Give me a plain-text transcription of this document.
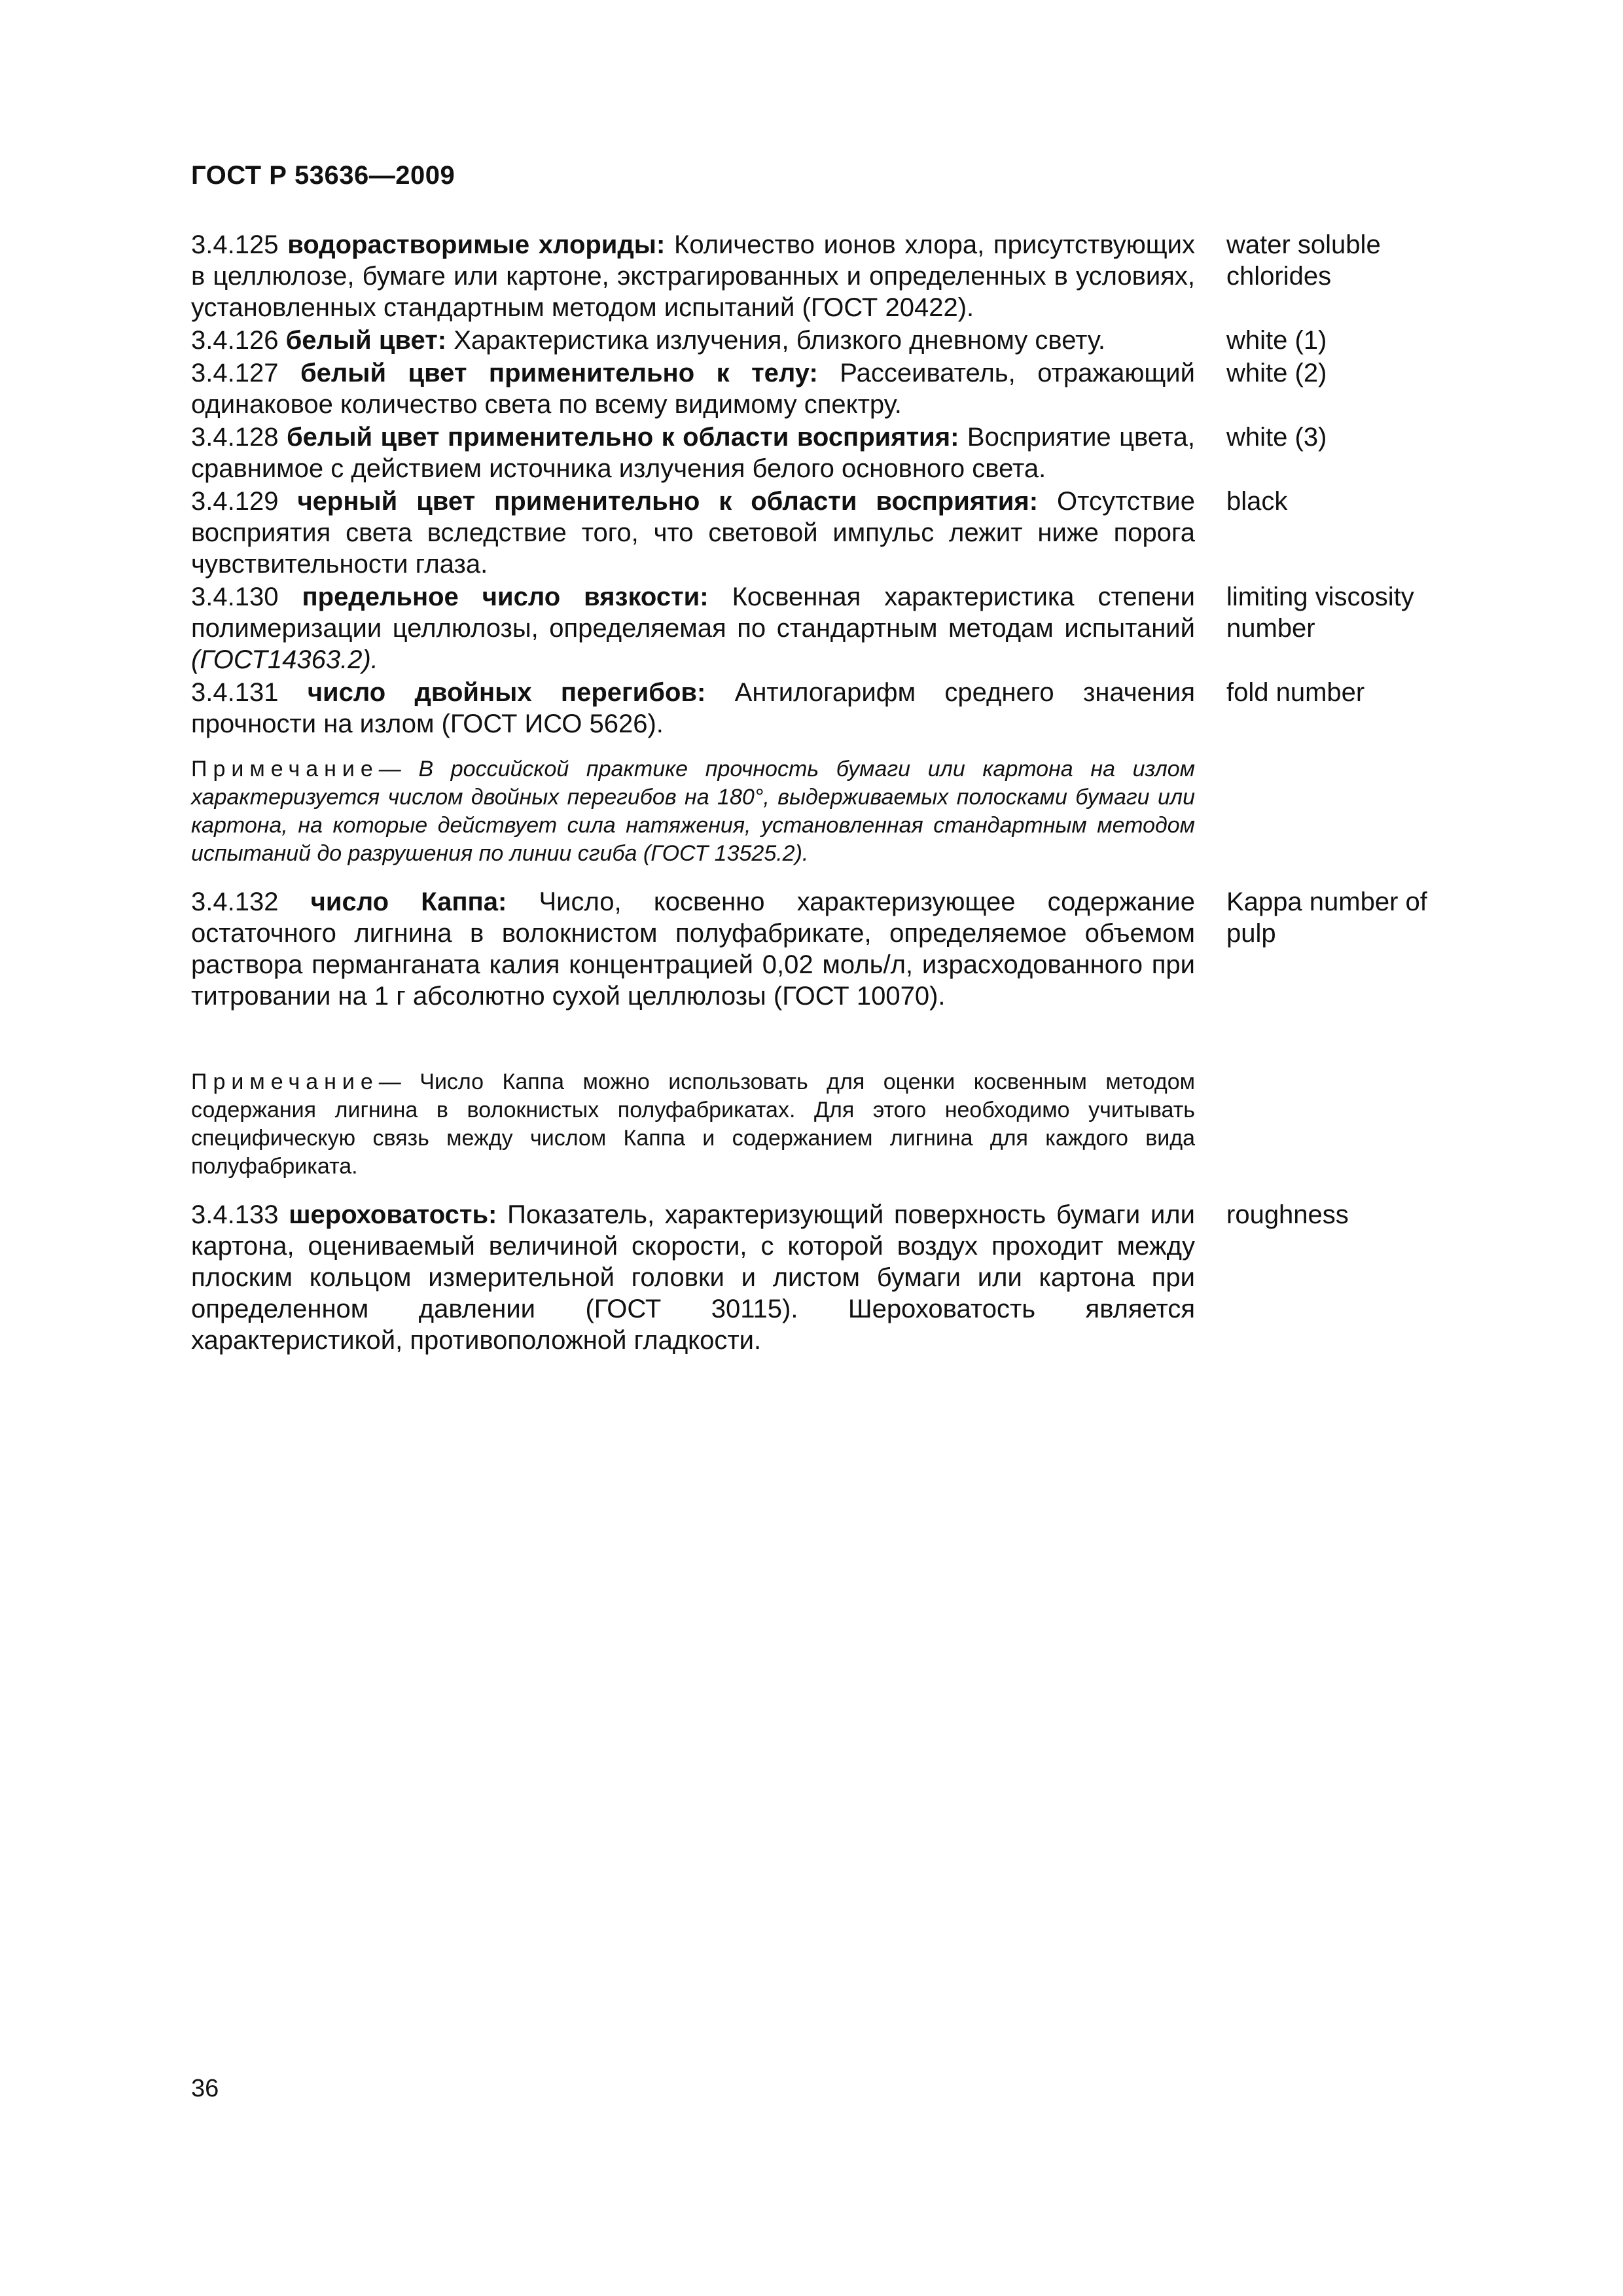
ГОСТ Р 53636—2009

3.4.125 водорастворимые хлориды: Количество ионов хлора, присутствующих в целлюлозе, бумаге или картоне, экстрагированных и определенных в условиях, установленных стандартным методом испытаний (ГОСТ 20422).

water soluble chlorides

3.4.126 белый цвет: Характеристика излучения, близкого дневному свету.	white (1)

3.4.127 белый цвет применительно к телу: Рассеиватель, отражающий одинаковое количество света по всему видимому спектру.

white (2)

3.4.128 белый цвет применительно к области восприятия: Восприятие цвета, сравнимое с действием источника излучения белого основного света.

white (3)

3.4.129 черный цвет применительно к области восприятия: Отсутствие восприятия света вследствие того, что световой импульс лежит ниже порога чувствительности глаза.

black

3.4.130 предельное число вязкости: Косвенная характеристика степени полимеризации целлюлозы, определяемая по стандартным методам испытаний (ГОСТ14363.2).

limiting viscosity number

3.4.131 число двойных перегибов: Антилогарифм среднего значения прочности на излом (ГОСТ ИСО 5626).

fold number
Примечание— В российской практике прочность бумаги или картона на излом характеризуется числом двойных перегибов на 180°, выдерживаемых полосками бумаги или картона, на которые действует сила натяжения, установленная стандартным методом испытаний до разрушения по линии сгиба (ГОСТ 13525.2).

3.4.132 число Каппа: Число, косвенно характеризующее содержание остаточного лигнина в волокнистом полуфабрикате, определяемое объемом раствора перманганата калия концентрацией 0,02 моль/л, израсходованного при титровании на 1 г абсолютно сухой целлюлозы (ГОСТ 10070).

Kappa number of pulp
Примечание— Число Каппа можно использовать для оценки косвенным методом содержания лигнина в волокнистых полуфабрикатах. Для этого необходимо учитывать специфическую связь между числом Каппа и содержанием лигнина для каждого вида полуфабриката.

3.4.133 шероховатость: Показатель, характеризующий поверхность бумаги или картона, оцениваемый величиной скорости, с которой воздух проходит между плоским кольцом измерительной головки и листом бумаги или картона при определенном давлении (ГОСТ 30115). Шероховатость является характеристикой, противоположной гладкости.

roughness
36
